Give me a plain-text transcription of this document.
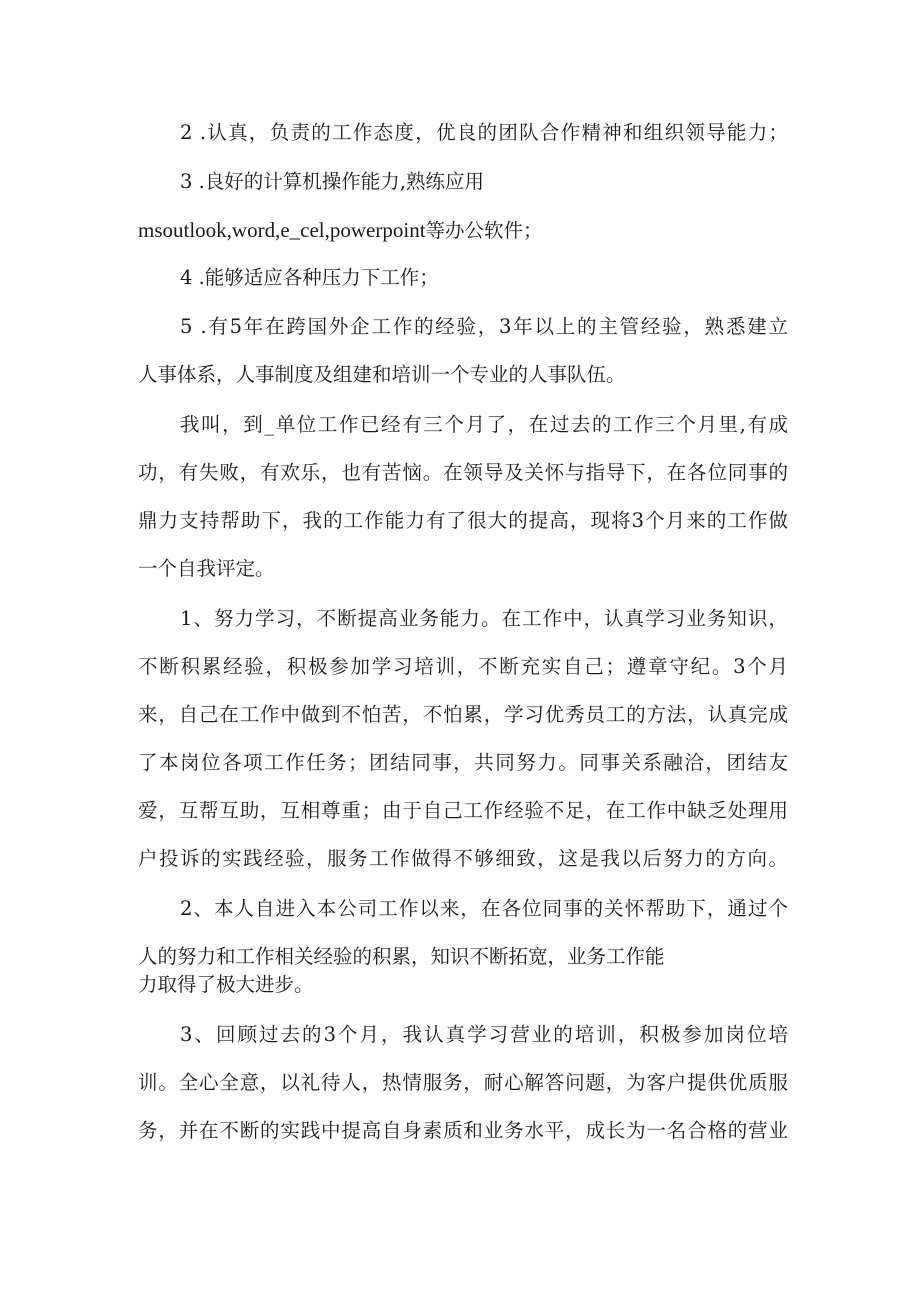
2 .认真，负责的工作态度，优良的团队合作精神和组织领导能力；
3 .良好的计算机操作能力,熟练应用
msoutlook,word,e_cel,powerpoint等办公软件；
4 .能够适应各种压力下工作；
5 .有5年在跨国外企工作的经验，3年以上的主管经验，熟悉建立
人事体系，人事制度及组建和培训一个专业的人事队伍。
我叫，到_单位工作已经有三个月了，在过去的工作三个月里,有成
功，有失败，有欢乐，也有苦恼。在领导及关怀与指导下，在各位同事的
鼎力支持帮助下，我的工作能力有了很大的提高，现将3个月来的工作做
一个自我评定。
1、努力学习，不断提高业务能力。在工作中，认真学习业务知识，
不断积累经验，积极参加学习培训，不断充实自己；遵章守纪。3个月
来，自己在工作中做到不怕苦，不怕累，学习优秀员工的方法，认真完成
了本岗位各项工作任务；团结同事，共同努力。同事关系融洽，团结友
爱，互帮互助，互相尊重；由于自己工作经验不足，在工作中缺乏处理用
户投诉的实践经验，服务工作做得不够细致，这是我以后努力的方向。
2、本人自进入本公司工作以来，在各位同事的关怀帮助下，通过个
人的努力和工作相关经验的积累，知识不断拓宽，业务工作能
力取得了极大进步。
3、回顾过去的3个月，我认真学习营业的培训，积极参加岗位培
训。全心全意，以礼待人，热情服务，耐心解答问题，为客户提供优质服
务，并在不断的实践中提高自身素质和业务水平，成长为一名合格的营业
